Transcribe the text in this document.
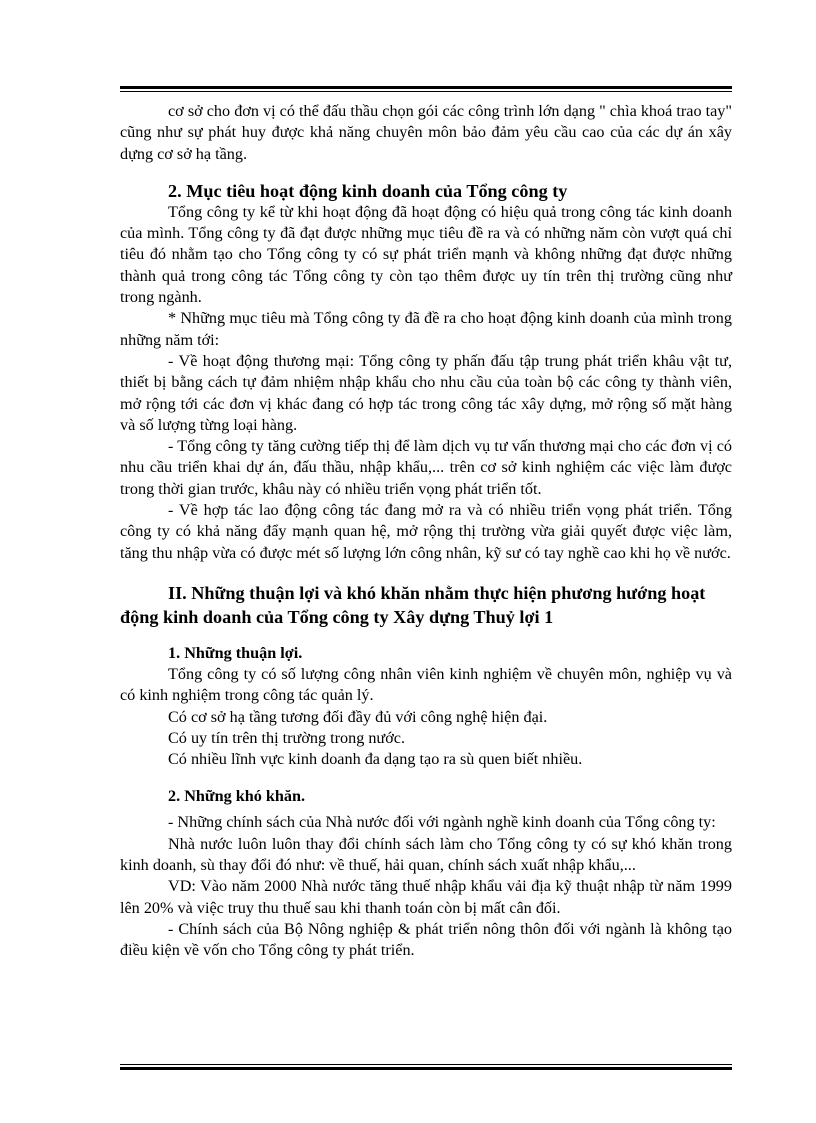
cơ sở cho đơn vị có thể đấu thầu chọn gói các công trình lớn dạng " chìa khoá trao tay" cũng như sự phát huy được khả năng chuyên môn bảo đảm yêu cầu cao của các dự án xây dựng cơ sở hạ tầng.

2. Mục tiêu hoạt động kinh doanh của Tổng công ty

Tổng công ty kể từ khi hoạt động đã hoạt động có hiệu quả trong công tác kinh doanh của mình. Tổng công ty đã đạt được những mục tiêu đề ra và có những năm còn vượt quá chỉ tiêu đó nhằm tạo cho Tổng công ty có sự phát triển mạnh và không những đạt được những thành quả trong công tác Tổng công ty còn tạo thêm được uy tín trên thị trường cũng như trong ngành.

* Những mục tiêu mà Tổng công ty đã đề ra cho hoạt động kinh doanh của mình trong những năm tới:

- Về hoạt động thương mại: Tổng công ty phấn đấu tập trung phát triển khâu vật tư, thiết bị bằng cách tự đảm nhiệm nhập khẩu cho nhu cầu của toàn bộ các công ty thành viên, mở rộng tới các đơn vị khác đang có hợp tác trong công tác xây dựng, mở rộng số mặt hàng và số lượng từng loại hàng.

- Tổng công ty tăng cường tiếp thị để làm dịch vụ tư vấn thương mại cho các đơn vị có nhu cầu triển khai dự án, đấu thầu, nhập khẩu,... trên cơ sở kinh nghiệm các việc làm được trong thời gian trước, khâu này có nhiều triển vọng phát triển tốt.

- Về hợp tác lao động công tác đang mở ra và có nhiều triển vọng phát triển. Tổng công ty có khả năng đẩy mạnh quan hệ, mở rộng thị trường vừa giải quyết được việc làm, tăng thu nhập vừa có được mét số lượng lớn công nhân, kỹ sư có tay nghề cao khi họ về nước.

II. Những thuận lợi và khó khăn nhằm thực hiện phương hướng hoạt động kinh doanh của Tổng công ty Xây dựng Thuỷ lợi 1
1. Những thuận lợi.

Tổng công ty có số lượng công nhân viên kinh nghiệm về chuyên môn, nghiệp vụ và có kinh nghiệm trong công tác quản lý.

Có cơ sở hạ tầng tương đối đầy đủ với công nghệ hiện đại.

Có uy tín trên thị trường trong nước.

Có nhiều lĩnh vực kinh doanh đa dạng tạo ra sù quen biết nhiều.

2. Những khó khăn.

- Những chính sách của Nhà nước đối với ngành nghề kinh doanh của Tổng công ty:

Nhà nước luôn luôn thay đổi chính sách làm cho Tổng công ty có sự khó khăn trong kinh doanh, sù thay đổi đó như: về thuế, hải quan, chính sách xuất nhập khẩu,...

VD: Vào năm 2000 Nhà nước tăng thuế nhập khẩu vải địa kỹ thuật nhập từ năm 1999 lên 20% và việc truy thu thuế sau khi thanh toán còn bị mất cân đối.

- Chính sách của Bộ Nông nghiệp & phát triển nông thôn đối với ngành là không tạo điều kiện về vốn cho Tổng công ty phát triển.
